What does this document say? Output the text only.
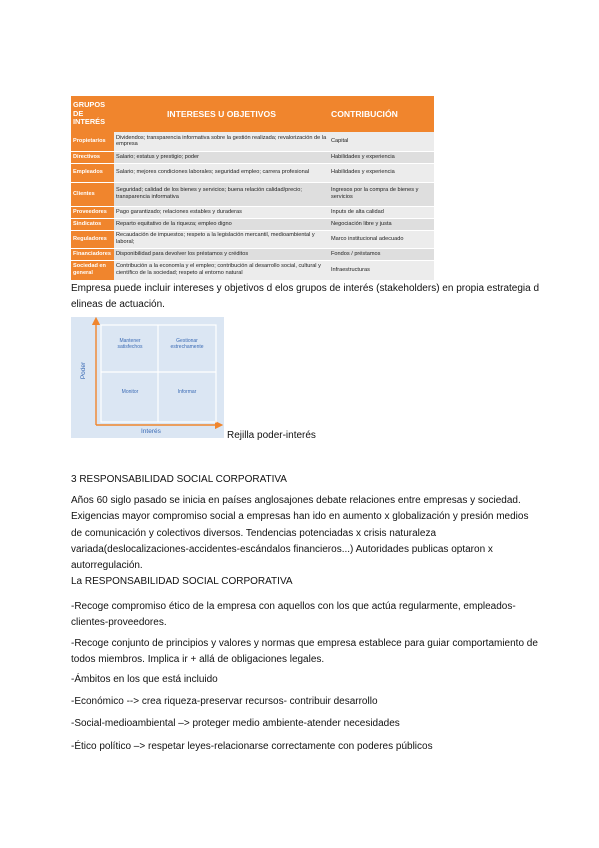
GRUPOS DE INTERÉS	INTERESES U OBJETIVOS	CONTRIBUCIÓN
Propietarios	Dividendos; transparencia informativa sobre la gestión realizada; revalorización de la empresa	Capital
Directivos	Salario; estatus y prestigio; poder	Habilidades y experiencia
Empleados	Salario; mejores condiciones laborales; seguridad empleo; carrera profesional	Habilidades y experiencia
Clientes	Seguridad; calidad de los bienes y servicios; buena relación calidad/precio; transparencia informativa	Ingresos por la compra de bienes y servicios
Proveedores	Pago garantizado; relaciones estables y duraderas	Inputs de alta calidad
Sindicatos	Reparto equitativo de la riqueza; empleo digno	Negociación libre y justa
Reguladores	Recaudación de impuestos; respeto a la legislación mercantil, medioambiental y laboral;	Marco institucional adecuado
Financiadores	Disponibilidad para devolver los préstamos y créditos	Fondos / préstamos
Sociedad en general	Contribución a la economía y el empleo; contribución al desarrollo social, cultural y científico de la sociedad; respeto al entorno natural	Infraestructuras

Empresa puede incluir intereses y objetivos d elos grupos de interés (stakeholders) en propia estrategia d elineas de actuación.

Mantener satisfechos
Gestionar estrechamente
Monitor	Informar
Poder
Interés	Rejilla poder-interés

3 RESPONSABILIDAD SOCIAL CORPORATIVA

Años 60 siglo pasado se inicia en países anglosajones debate relaciones entre empresas y sociedad. Exigencias mayor compromiso social a empresas han ido en aumento x globalización y presión medios de comunicación y colectivos diversos. Tendencias potenciadas x crisis naturaleza variada(deslocalizaciones-accidentes-escándalos financieros...) Autoridades publicas optaron x autorregulación.

La RESPONSABILIDAD SOCIAL CORPORATIVA

-Recoge compromiso ético de la empresa con aquellos con los que actúa regularmente, empleados-clientes-proveedores.

-Recoge conjunto de principios y valores y normas que empresa establece para guiar comportamiento de todos miembros. Implica ir + allá de obligaciones legales.

-Ámbitos en los que está incluido

-Económico --> crea riqueza-preservar recursos- contribuir desarrollo

-Social-medioambiental –> proteger medio ambiente-atender necesidades

-Ético político –> respetar leyes-relacionarse correctamente con poderes públicos
